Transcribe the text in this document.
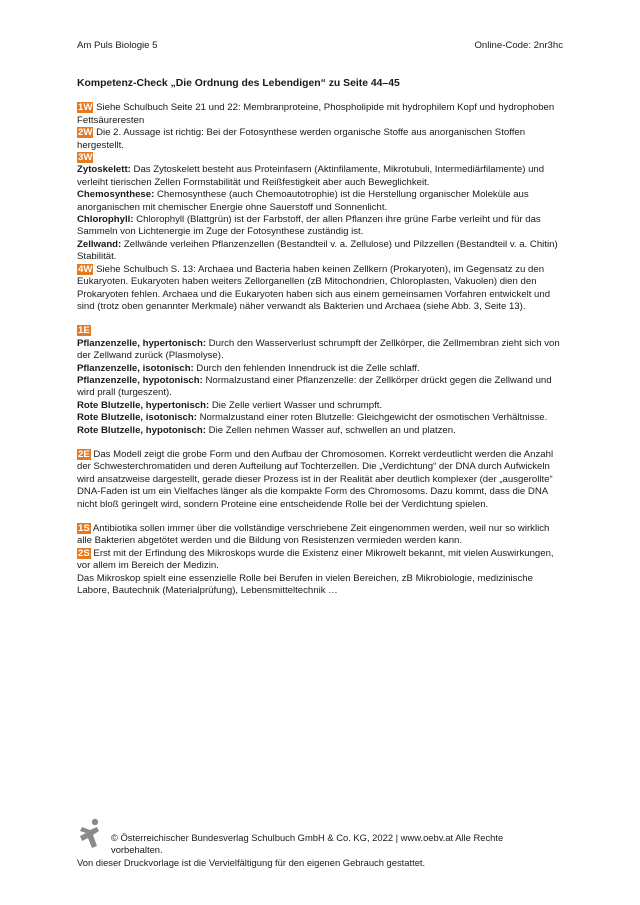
Am Puls Biologie 5	Online-Code: 2nr3hc

Kompetenz-Check „Die Ordnung des Lebendigen“ zu Seite 44–45

1W Siehe Schulbuch Seite 21 und 22: Membranproteine, Phospholipide mit hydrophilem Kopf und hydrophoben Fettsäureresten

2W Die 2. Aussage ist richtig: Bei der Fotosynthese werden organische Stoffe aus anorganischen Stoffen hergestellt.

3W

Zytoskelett: Das Zytoskelett besteht aus Proteinfasern (Aktinfilamente, Mikrotubuli, Intermediärfilamente) und verleiht tierischen Zellen Formstabilität und Reißfestigkeit aber auch Beweglichkeit.

Chemosynthese: Chemosynthese (auch Chemoautotrophie) ist die Herstellung organischer Moleküle aus anorganischen mit chemischer Energie ohne Sauerstoff und Sonnenlicht.

Chlorophyll: Chlorophyll (Blattgrün) ist der Farbstoff, der allen Pflanzen ihre grüne Farbe verleiht und für das Sammeln von Lichtenergie im Zuge der Fotosynthese zuständig ist.

Zellwand: Zellwände verleihen Pflanzenzellen (Bestandteil v. a. Zellulose) und Pilzzellen (Bestandteil v. a. Chitin) Stabilität.

4W Siehe Schulbuch S. 13: Archaea und Bacteria haben keinen Zellkern (Prokaryoten), im Gegensatz zu den Eukaryoten. Eukaryoten haben weiters Zellorganellen (zB Mitochondrien, Chloroplasten, Vakuolen) dien den Prokaryoten fehlen. Archaea und die Eukaryoten haben sich aus einem gemeinsamen Vorfahren entwickelt und sind (trotz oben genannter Merkmale) näher verwandt als Bakterien und Archaea (siehe Abb. 3, Seite 13).

1E

Pflanzenzelle, hypertonisch: Durch den Wasserverlust schrumpft der Zellkörper, die Zellmembran zieht sich von der Zellwand zurück (Plasmolyse).

Pflanzenzelle, isotonisch: Durch den fehlenden Innendruck ist die Zelle schlaff.

Pflanzenzelle, hypotonisch: Normalzustand einer Pflanzenzelle: der Zellkörper drückt gegen die Zellwand und wird prall (turgeszent).

Rote Blutzelle, hypertonisch: Die Zelle verliert Wasser und schrumpft.

Rote Blutzelle, isotonisch: Normalzustand einer roten Blutzelle: Gleichgewicht der osmotischen Verhältnisse.

Rote Blutzelle, hypotonisch: Die Zellen nehmen Wasser auf, schwellen an und platzen.

2E Das Modell zeigt die grobe Form und den Aufbau der Chromosomen. Korrekt verdeutlicht werden die Anzahl der Schwesterchromatiden und deren Aufteilung auf Tochterzellen. Die „Verdichtung“ der DNA durch Aufwickeln wird ansatzweise dargestellt, gerade dieser Prozess ist in der Realität aber deutlich komplexer (der „ausgerollte“ DNA-Faden ist um ein Vielfaches länger als die kompakte Form des Chromosoms. Dazu kommt, dass die DNA nicht bloß geringelt wird, sondern Proteine eine entscheidende Rolle bei der Verdichtung spielen.

1S Antibiotika sollen immer über die vollständige verschriebene Zeit eingenommen werden, weil nur so wirklich alle Bakterien abgetötet werden und die Bildung von Resistenzen vermieden werden kann.

2S Erst mit der Erfindung des Mikroskops wurde die Existenz einer Mikrowelt bekannt, mit vielen Auswirkungen, vor allem im Bereich der Medizin.

Das Mikroskop spielt eine essenzielle Rolle bei Berufen in vielen Bereichen, zB Mikrobiologie, medizinische Labore, Bautechnik (Materialprüfung), Lebensmitteltechnik …

© Österreichischer Bundesverlag Schulbuch GmbH & Co. KG, 2022 | www.oebv.at Alle Rechte vorbehalten.
Von dieser Druckvorlage ist die Vervielfältigung für den eigenen Gebrauch gestattet.
